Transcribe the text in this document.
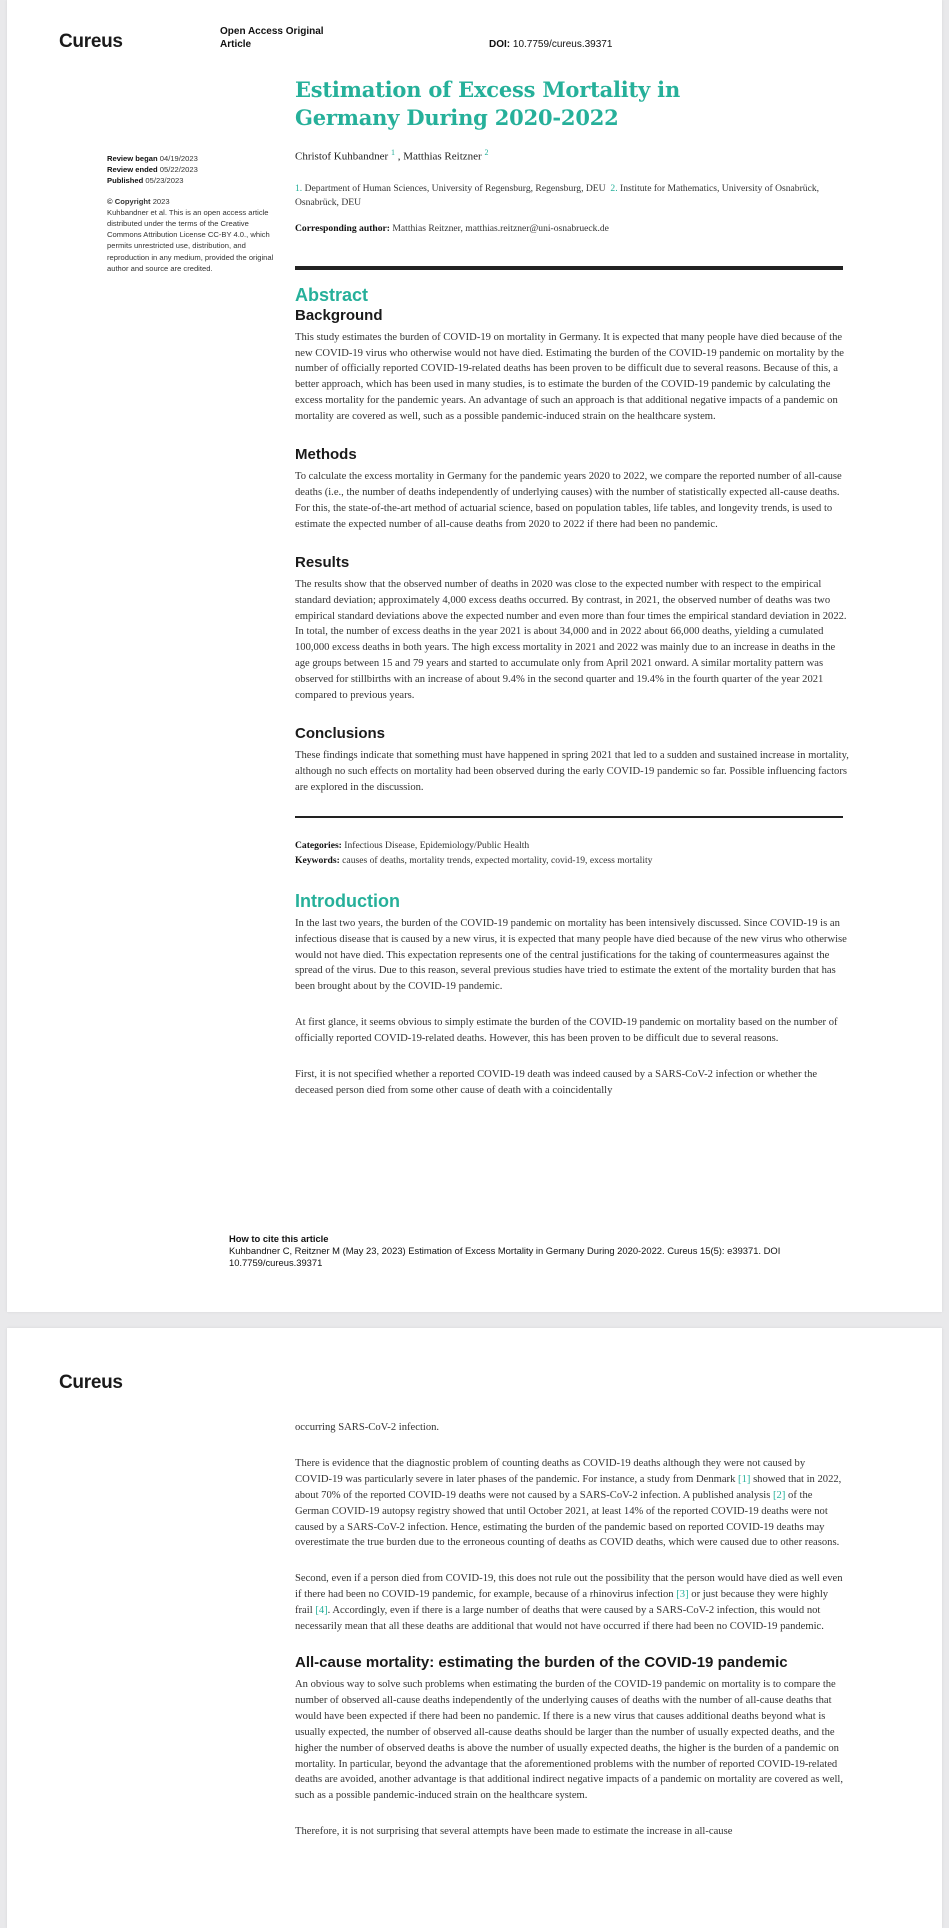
Cureus	Open Access Original Article	DOI: 10.7759/cureus.39371
Review began 04/19/2023
Review ended 05/22/2023
Published 05/23/2023
© Copyright 2023
Kuhbandner et al. This is an open access article distributed under the terms of the Creative Commons Attribution License CC-BY 4.0., which permits unrestricted use, distribution, and reproduction in any medium, provided the original author and source are credited.
Estimation of Excess Mortality in Germany During 2020-2022
Christof Kuhbandner $^1$ , Matthias Reitzner $^2$
1. Department of Human Sciences, University of Regensburg, Regensburg, DEU 2. Institute for Mathematics, University of Osnabrück, Osnabrück, DEU
Corresponding author: Matthias Reitzner, matthias.reitzner@uni-osnabrueck.de
Abstract
Background

This study estimates the burden of COVID-19 on mortality in Germany. It is expected that many people have died because of the new COVID-19 virus who otherwise would not have died. Estimating the burden of the COVID-19 pandemic on mortality by the number of officially reported COVID-19-related deaths has been proven to be difficult due to several reasons. Because of this, a better approach, which has been used in many studies, is to estimate the burden of the COVID-19 pandemic by calculating the excess mortality for the pandemic years. An advantage of such an approach is that additional negative impacts of a pandemic on mortality are covered as well, such as a possible pandemic-induced strain on the healthcare system.

Methods

To calculate the excess mortality in Germany for the pandemic years 2020 to 2022, we compare the reported number of all-cause deaths (i.e., the number of deaths independently of underlying causes) with the number of statistically expected all-cause deaths. For this, the state-of-the-art method of actuarial science, based on population tables, life tables, and longevity trends, is used to estimate the expected number of all-cause deaths from 2020 to 2022 if there had been no pandemic.

Results

The results show that the observed number of deaths in 2020 was close to the expected number with respect to the empirical standard deviation; approximately 4,000 excess deaths occurred. By contrast, in 2021, the observed number of deaths was two empirical standard deviations above the expected number and even more than four times the empirical standard deviation in 2022. In total, the number of excess deaths in the year 2021 is about 34,000 and in 2022 about 66,000 deaths, yielding a cumulated 100,000 excess deaths in both years. The high excess mortality in 2021 and 2022 was mainly due to an increase in deaths in the age groups between 15 and 79 years and started to accumulate only from April 2021 onward. A similar mortality pattern was observed for stillbirths with an increase of about 9.4% in the second quarter and 19.4% in the fourth quarter of the year 2021 compared to previous years.

Conclusions

These findings indicate that something must have happened in spring 2021 that led to a sudden and sustained increase in mortality, although no such effects on mortality had been observed during the early COVID-19 pandemic so far. Possible influencing factors are explored in the discussion.

Categories: Infectious Disease, Epidemiology/Public Health
Keywords: causes of deaths, mortality trends, expected mortality, covid-19, excess mortality
Introduction

In the last two years, the burden of the COVID-19 pandemic on mortality has been intensively discussed. Since COVID-19 is an infectious disease that is caused by a new virus, it is expected that many people have died because of the new virus who otherwise would not have died. This expectation represents one of the central justifications for the taking of countermeasures against the spread of the virus. Due to this reason, several previous studies have tried to estimate the extent of the mortality burden that has been brought about by the COVID-19 pandemic.

At first glance, it seems obvious to simply estimate the burden of the COVID-19 pandemic on mortality based on the number of officially reported COVID-19-related deaths. However, this has been proven to be difficult due to several reasons.

First, it is not specified whether a reported COVID-19 death was indeed caused by a SARS-CoV-2 infection or whether the deceased person died from some other cause of death with a coincidentally

How to cite this article
Kuhbandner C, Reitzner M (May 23, 2023) Estimation of Excess Mortality in Germany During 2020-2022. Cureus 15(5): e39371. DOI 10.7759/cureus.39371
Cureus

occurring SARS-CoV-2 infection.

There is evidence that the diagnostic problem of counting deaths as COVID-19 deaths although they were not caused by COVID-19 was particularly severe in later phases of the pandemic. For instance, a study from Denmark [1] showed that in 2022, about 70% of the reported COVID-19 deaths were not caused by a SARS-CoV-2 infection. A published analysis [2] of the German COVID-19 autopsy registry showed that until October 2021, at least 14% of the reported COVID-19 deaths were not caused by a SARS-CoV-2 infection. Hence, estimating the burden of the pandemic based on reported COVID-19 deaths may overestimate the true burden due to the erroneous counting of deaths as COVID deaths, which were caused due to other reasons.

Second, even if a person died from COVID-19, this does not rule out the possibility that the person would have died as well even if there had been no COVID-19 pandemic, for example, because of a rhinovirus infection [3] or just because they were highly frail [4]. Accordingly, even if there is a large number of deaths that were caused by a SARS-CoV-2 infection, this would not necessarily mean that all these deaths are additional that would not have occurred if there had been no COVID-19 pandemic.

All-cause mortality: estimating the burden of the COVID-19 pandemic

An obvious way to solve such problems when estimating the burden of the COVID-19 pandemic on mortality is to compare the number of observed all-cause deaths independently of the underlying causes of deaths with the number of all-cause deaths that would have been expected if there had been no pandemic. If there is a new virus that causes additional deaths beyond what is usually expected, the number of observed all-cause deaths should be larger than the number of usually expected deaths, and the higher the number of observed deaths is above the number of usually expected deaths, the higher is the burden of a pandemic on mortality. In particular, beyond the advantage that the aforementioned problems with the number of reported COVID-19-related deaths are avoided, another advantage is that additional indirect negative impacts of a pandemic on mortality are covered as well, such as a possible pandemic-induced strain on the healthcare system.

Therefore, it is not surprising that several attempts have been made to estimate the increase in all-cause
